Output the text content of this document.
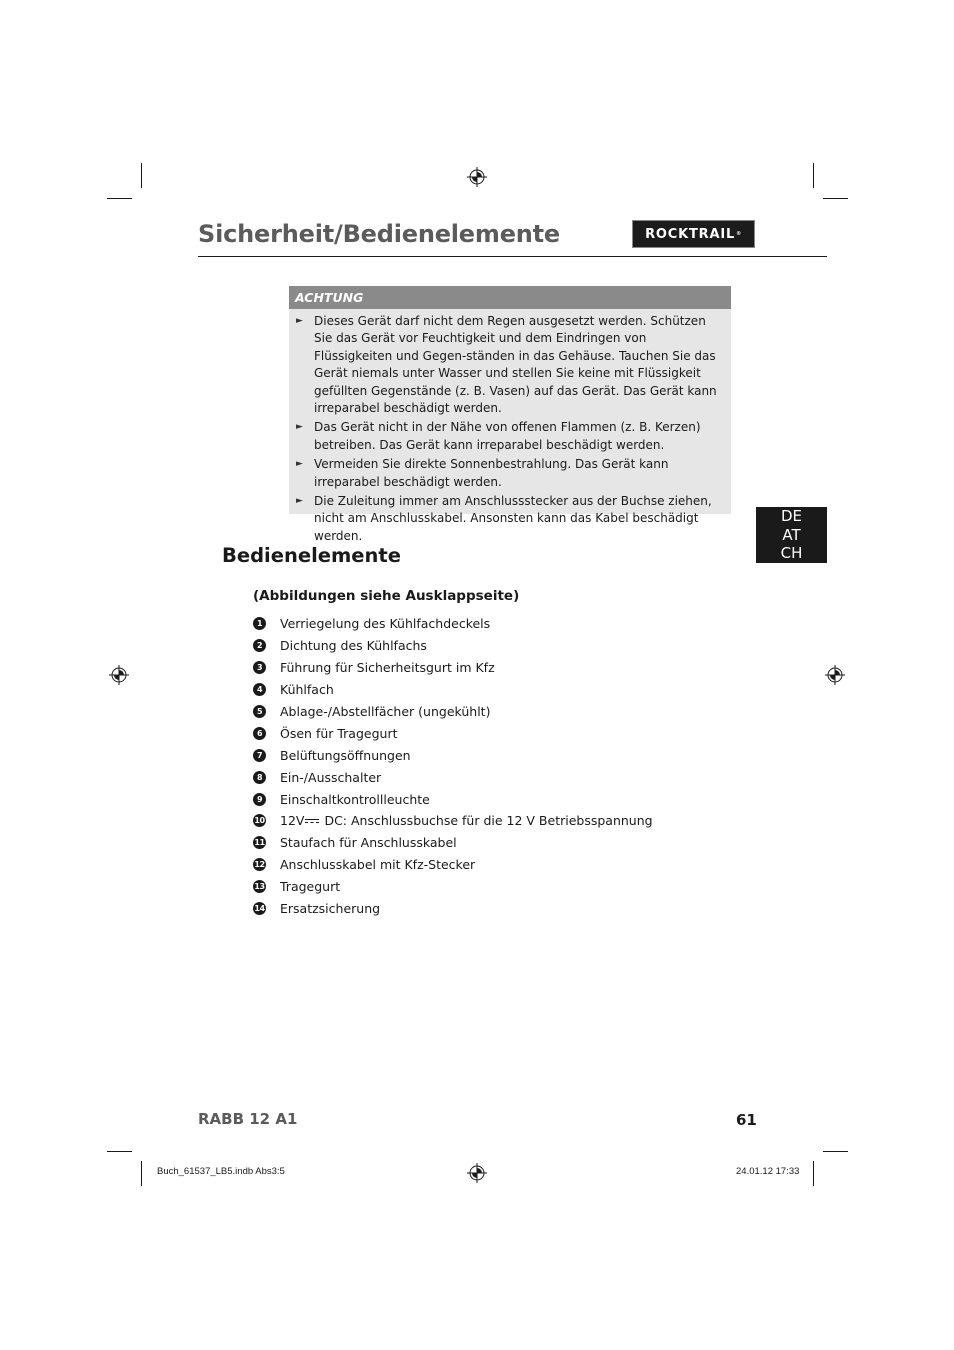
Sicherheit/Bedienelemente	ROCKTRAIL ®
ACHTUNG
► Dieses Gerät darf nicht dem Regen ausgesetzt werden. Schützen Sie das Gerät vor Feuchtigkeit und dem Eindringen von Flüssigkeiten und Gegen-ständen in das Gehäuse. Tauchen Sie das Gerät niemals unter Wasser und stellen Sie keine mit Flüssigkeit gefüllten Gegenstände (z. B. Vasen) auf das Gerät. Das Gerät kann irreparabel beschädigt werden.
► Das Gerät nicht in der Nähe von offenen Flammen (z. B. Kerzen) betreiben. Das Gerät kann irreparabel beschädigt werden.
► Vermeiden Sie direkte Sonnenbestrahlung. Das Gerät kann irreparabel beschädigt werden.
► Die Zuleitung immer am Anschlussstecker aus der Buchse ziehen, nicht am Anschlusskabel. Ansonsten kann das Kabel beschädigt werden.
DE
AT
CH
Bedienelemente
(Abbildungen siehe Ausklappseite)
1	Verriegelung des Kühlfachdeckels
2	Dichtung des Kühlfachs
3	Führung für Sicherheitsgurt im Kfz
4	Kühlfach
5	Ablage-/Abstellfächer (ungekühlt)
6	Ösen für Tragegurt
7	Belüftungsöffnungen
8	Ein-/Ausschalter
9	Einschaltkontrollleuchte
10 12V
DC: Anschlussbuchse für die 12 V Betriebsspannung
11 Staufach für Anschlusskabel
12 Anschlusskabel mit Kfz-Stecker
13 Tragegurt
14 Ersatzsicherung
RABB 12 A1	61
Buch_61537_LB5.indb Abs3:5	24.01.12 17:33
